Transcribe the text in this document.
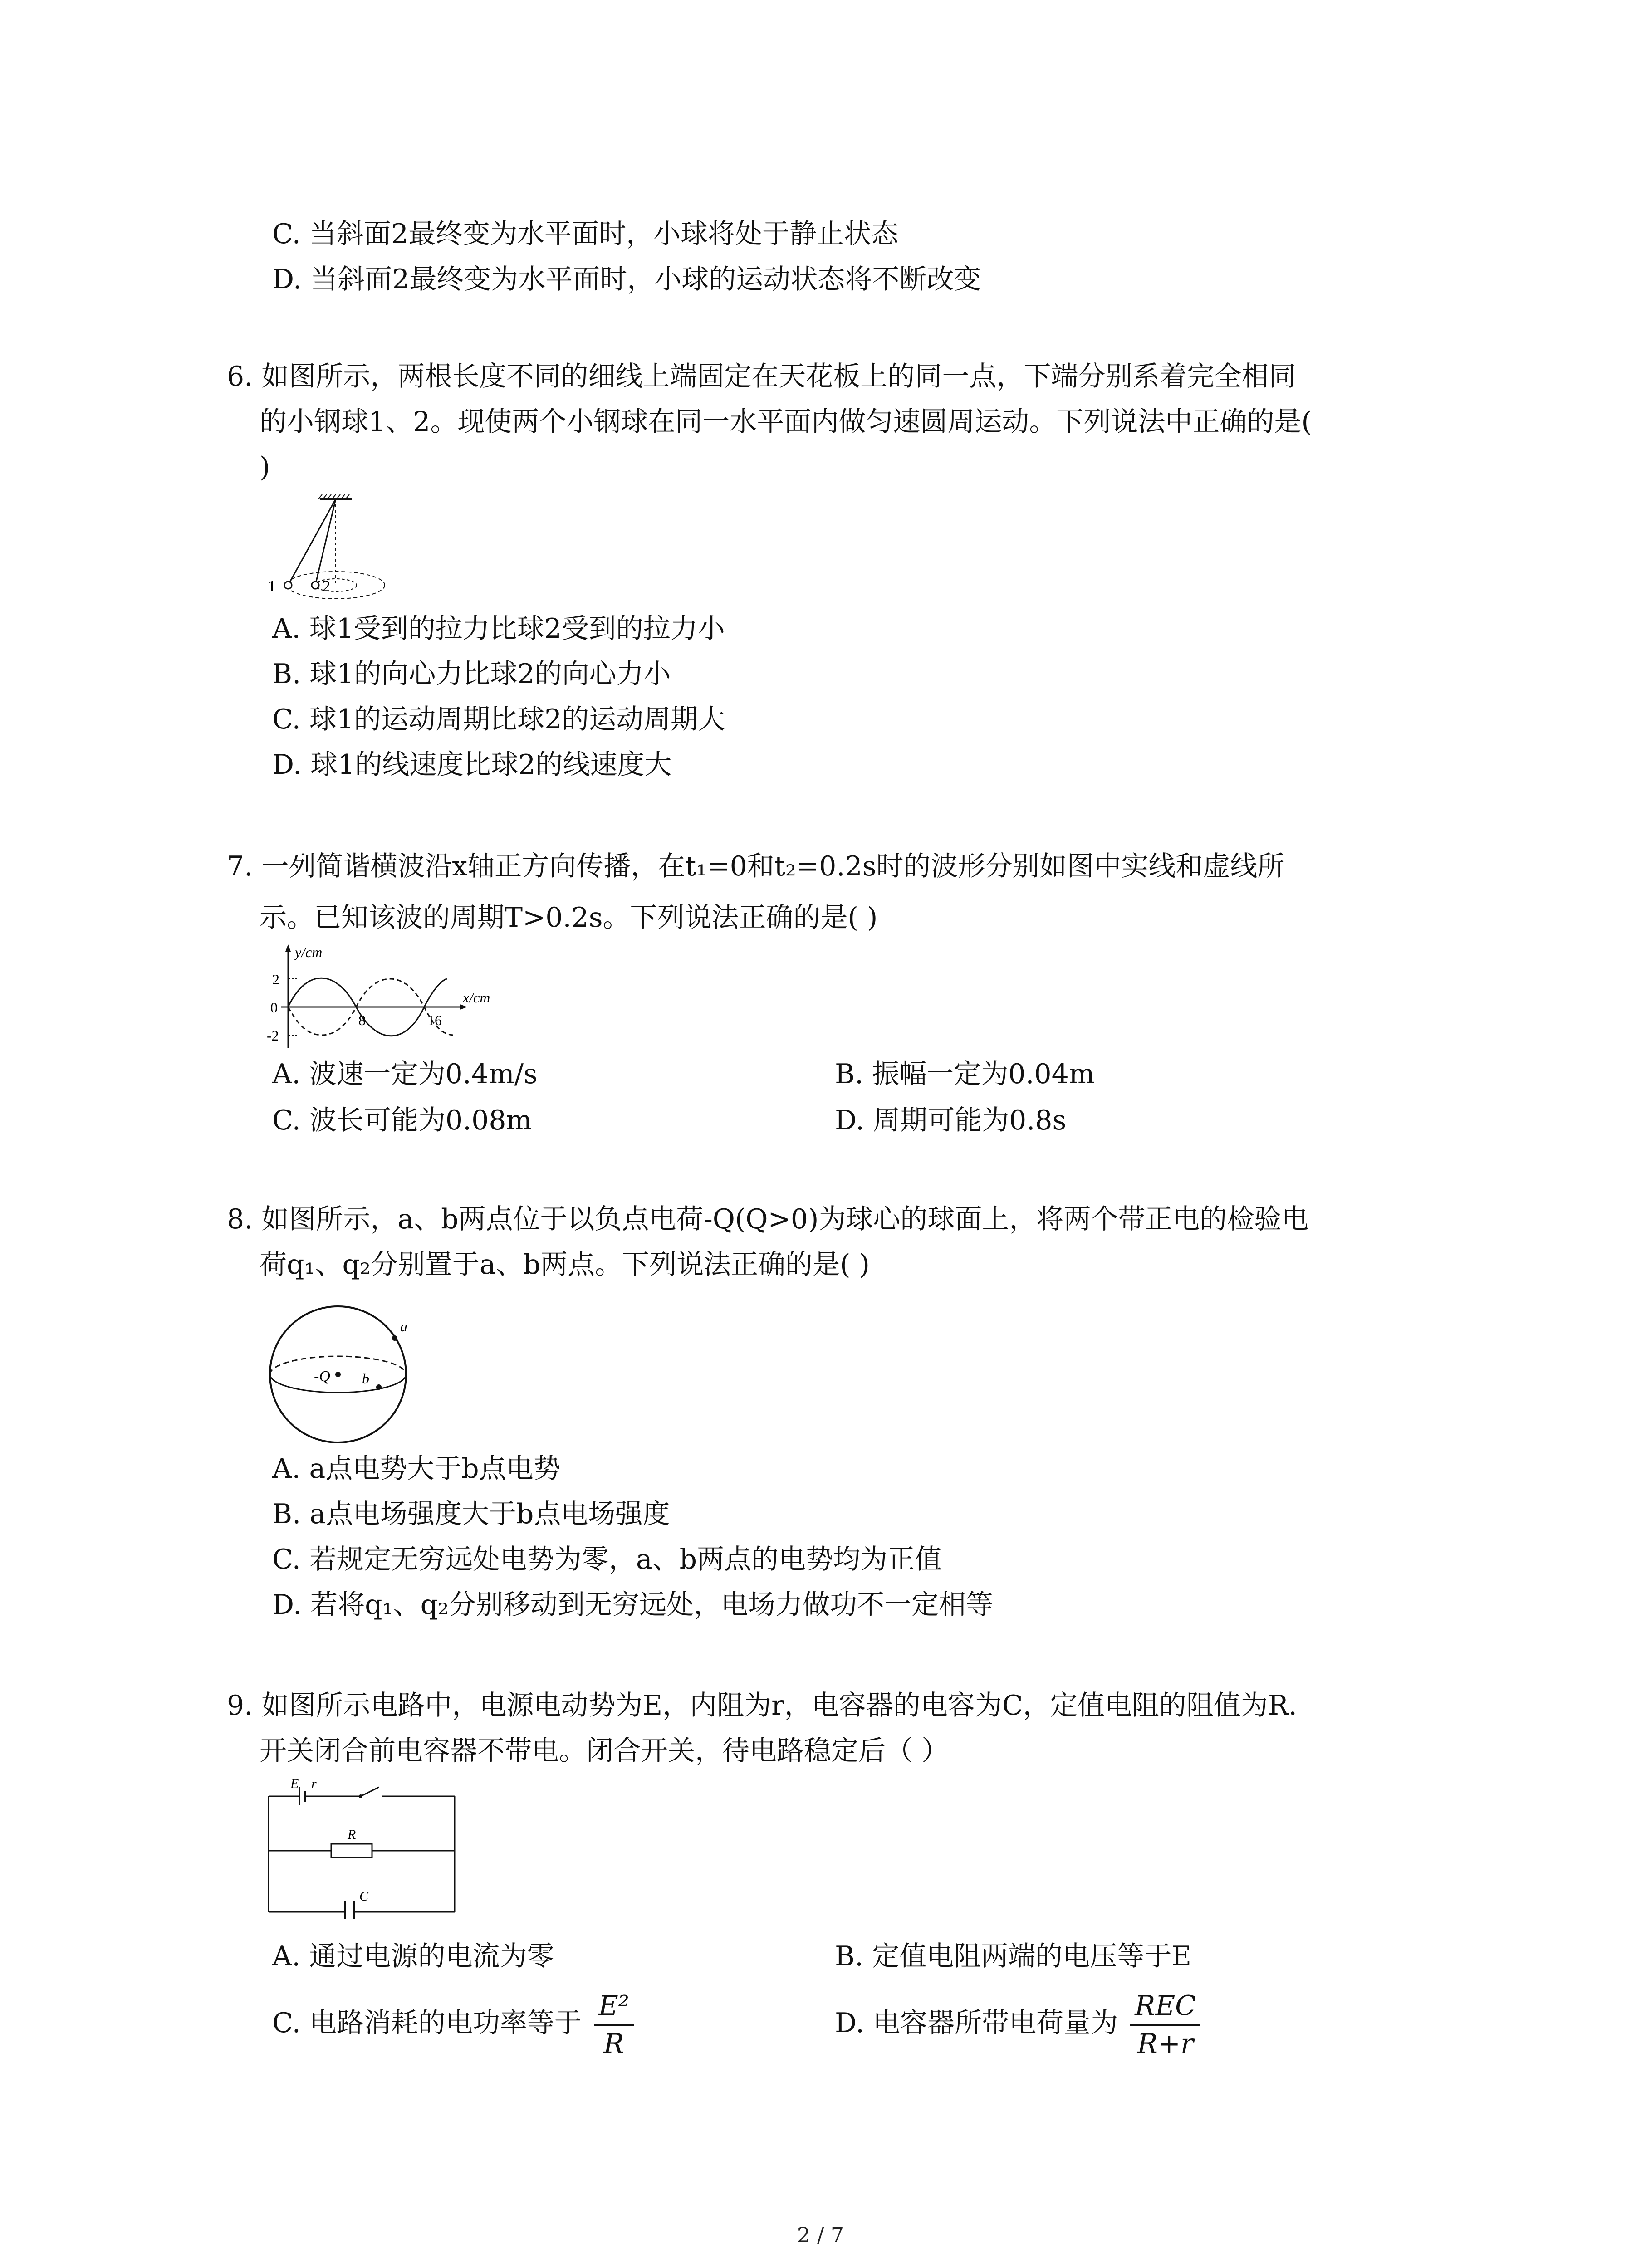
C. 当斜面2最终变为水平面时，小球将处于静止状态
D. 当斜面2最终变为水平面时，小球的运动状态将不断改变
6. 如图所示，两根长度不同的细线上端固定在天花板上的同一点，下端分别系着完全相同
的小钢球1、2。现使两个小钢球在同一水平面内做匀速圆周运动。下列说法中正确的是(
)
1	2
A. 球1受到的拉力比球2受到的拉力小
B. 球1的向心力比球2的向心力小
C. 球1的运动周期比球2的运动周期大
D. 球1的线速度比球2的线速度大
7. 一列简谐横波沿x轴正方向传播，在t₁=0和t₂=0.2s时的波形分别如图中实线和虚线所
示。已知该波的周期T>0.2s。下列说法正确的是( )
y/cm
x/cm
2
0
-2
8	16
A. 波速一定为0.4m/s	B. 振幅一定为0.04m
C. 波长可能为0.08m	D. 周期可能为0.8s
8. 如图所示，a、b两点位于以负点电荷-Q(Q>0)为球心的球面上，将两个带正电的检验电
荷q₁、q₂分别置于a、b两点。下列说法正确的是( )
-Q
a
b
A. a点电势大于b点电势
B. a点电场强度大于b点电场强度
C. 若规定无穷远处电势为零，a、b两点的电势均为正值
D. 若将q₁、q₂分别移动到无穷远处，电场力做功不一定相等
9. 如图所示电路中，电源电动势为E，内阻为r，电容器的电容为C，定值电阻的阻值为R.
开关闭合前电容器不带电。闭合开关，待电路稳定后（ ）
E r
R
C
A. 通过电源的电流为零	B. 定值电阻两端的电压等于E
C. 电路消耗的电功率等于 $\frac{\text{E²}}{R}$	D. 电容器所带电荷量为 $\frac{\text{REC}}{R+r}$
2 / 7
